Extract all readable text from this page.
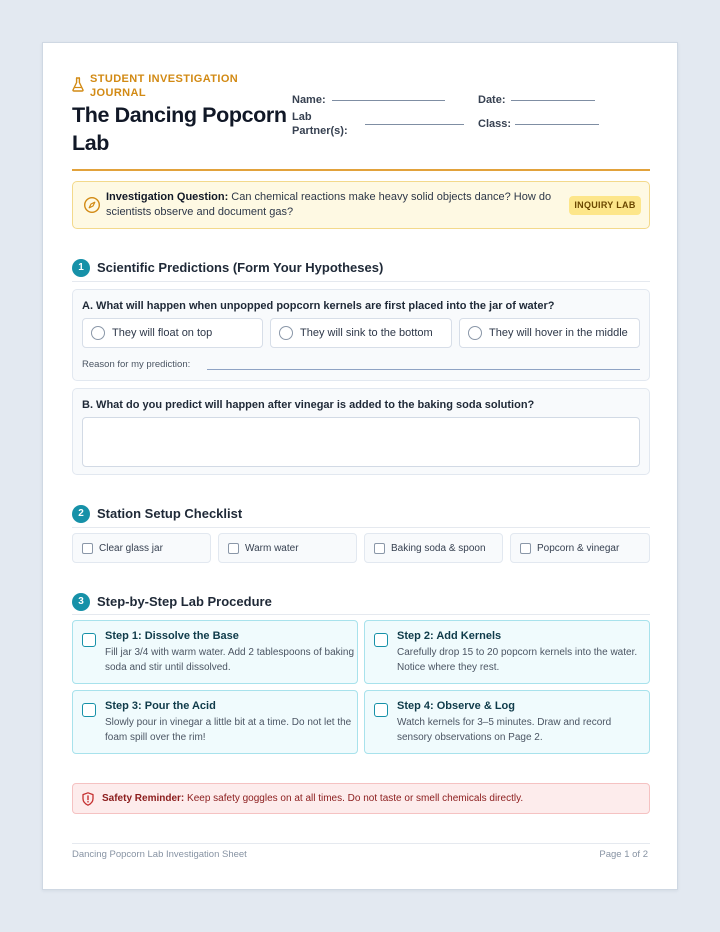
STUDENT INVESTIGATION JOURNAL
The Dancing Popcorn Lab
Name:	Date:
Lab Partner(s):
Class:
Investigation Question: Can chemical reactions make heavy solid objects dance? How do scientists observe and document gas?
INQUIRY LAB
1	Scientific Predictions (Form Your Hypotheses)
A. What will happen when unpopped popcorn kernels are first placed into the jar of water?
They will float on top	They will sink to the bottom	They will hover in the middle
Reason for my prediction:
B. What do you predict will happen after vinegar is added to the baking soda solution?
2	Station Setup Checklist
Clear glass jar	Warm water	Baking soda & spoon	Popcorn & vinegar
3	Step-by-Step Lab Procedure
Step 1: Dissolve the Base
Fill jar 3/4 with warm water. Add 2 tablespoons of baking soda and stir until dissolved.
Step 2: Add Kernels
Carefully drop 15 to 20 popcorn kernels into the water. Notice where they rest.
Step 3: Pour the Acid
Slowly pour in vinegar a little bit at a time. Do not let the foam spill over the rim!
Step 4: Observe & Log
Watch kernels for 3–5 minutes. Draw and record sensory observations on Page 2.
Safety Reminder: Keep safety goggles on at all times. Do not taste or smell chemicals directly.
Dancing Popcorn Lab Investigation Sheet	Page 1 of 2
